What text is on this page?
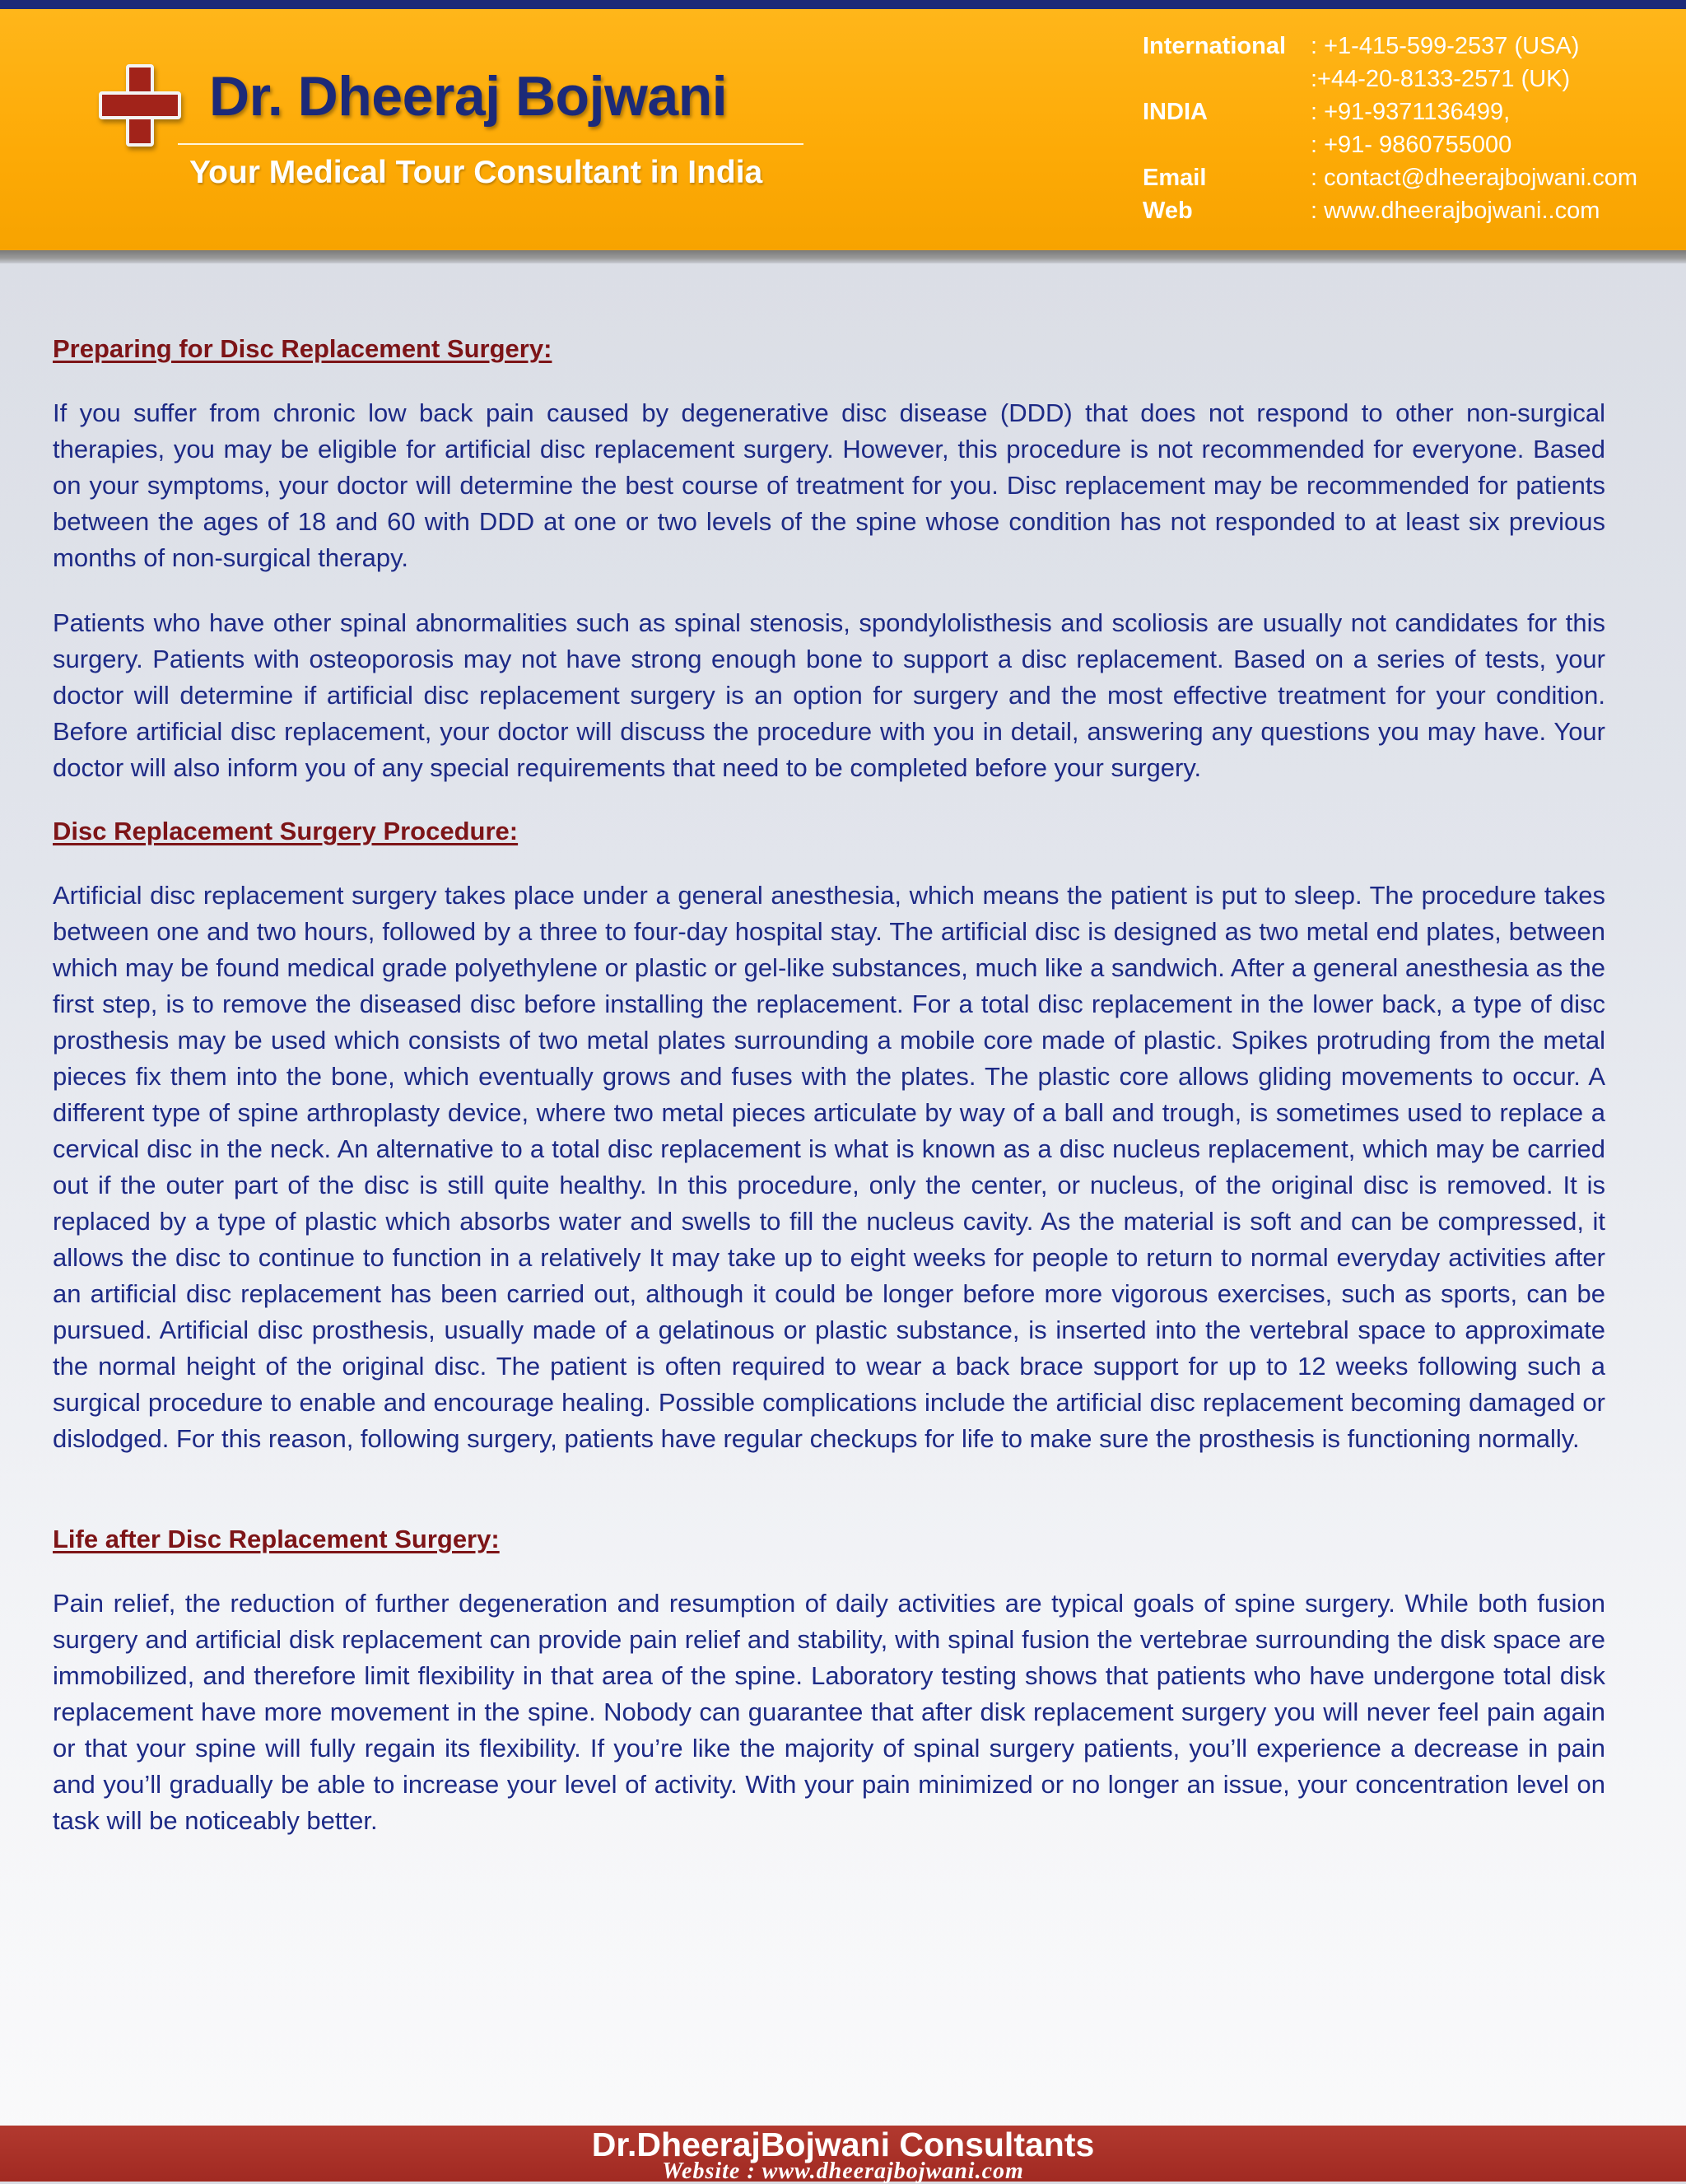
Dr. Dheeraj Bojwani
Your Medical Tour Consultant in India
International : +1-415-599-2537 (USA)
:+44-20-8133-2571 (UK)
INDIA	: +91-9371136499,
: +91- 9860755000
Email	: contact@dheerajbojwani.com
Web	: www.dheerajbojwani..com
Preparing for Disc Replacement Surgery:

If you suffer from chronic low back pain caused by degenerative disc disease (DDD) that does not respond to other non-surgical therapies, you may be eligible for artificial disc replacement surgery. However, this procedure is not recommended for everyone. Based on your symptoms, your doctor will determine the best course of treatment for you. Disc replacement may be recommended for patients between the ages of 18 and 60 with DDD at one or two levels of the spine whose condition has not responded to at least six previous months of non-surgical therapy.

Patients who have other spinal abnormalities such as spinal stenosis, spondylolisthesis and scoliosis are usually not candidates for this surgery. Patients with osteoporosis may not have strong enough bone to support a disc replacement. Based on a series of tests, your doctor will determine if artificial disc replacement surgery is an option for surgery and the most effective treatment for your condition. Before artificial disc replacement, your doctor will discuss the procedure with you in detail, answering any questions you may have. Your doctor will also inform you of any special requirements that need to be completed before your surgery.

Disc Replacement Surgery Procedure:

Artificial disc replacement surgery takes place under a general anesthesia, which means the patient is put to sleep. The procedure takes between one and two hours, followed by a three to four-day hospital stay. The artificial disc is designed as two metal end plates, between which may be found medical grade polyethylene or plastic or gel-like substances, much like a sandwich. After a general anesthesia as the first step, is to remove the diseased disc before installing the replacement. For a total disc replacement in the lower back, a type of disc prosthesis may be used which consists of two metal plates surrounding a mobile core made of plastic. Spikes protruding from the metal pieces fix them into the bone, which eventually grows and fuses with the plates. The plastic core allows gliding movements to occur. A different type of spine arthroplasty device, where two metal pieces articulate by way of a ball and trough, is sometimes used to replace a cervical disc in the neck. An alternative to a total disc replacement is what is known as a disc nucleus replacement, which may be carried out if the outer part of the disc is still quite healthy. In this procedure, only the center, or nucleus, of the original disc is removed. It is replaced by a type of plastic which absorbs water and swells to fill the nucleus cavity. As the material is soft and can be compressed, it allows the disc to continue to function in a relatively It may take up to eight weeks for people to return to normal everyday activities after an artificial disc replacement has been carried out, although it could be longer before more vigorous exercises, such as sports, can be pursued. Artificial disc prosthesis, usually made of a gelatinous or plastic substance, is inserted into the vertebral space to approximate the normal height of the original disc. The patient is often required to wear a back brace support for up to 12 weeks following such a surgical procedure to enable and encourage healing. Possible complications include the artificial disc replacement becoming damaged or dislodged. For this reason, following surgery, patients have regular checkups for life to make sure the prosthesis is functioning normally.

Life after Disc Replacement Surgery:

Pain relief, the reduction of further degeneration and resumption of daily activities are typical goals of spine surgery. While both fusion surgery and artificial disk replacement can provide pain relief and stability, with spinal fusion the vertebrae surrounding the disk space are immobilized, and therefore limit flexibility in that area of the spine. Laboratory testing shows that patients who have undergone total disk replacement have more movement in the spine. Nobody can guarantee that after disk replacement surgery you will never feel pain again or that your spine will fully regain its flexibility. If you’re like the majority of spinal surgery patients, you’ll experience a decrease in pain and you’ll gradually be able to increase your level of activity. With your pain minimized or no longer an issue, your concentration level on task will be noticeably better.

Dr.DheerajBojwani Consultants
Website : www.dheerajbojwani.com
